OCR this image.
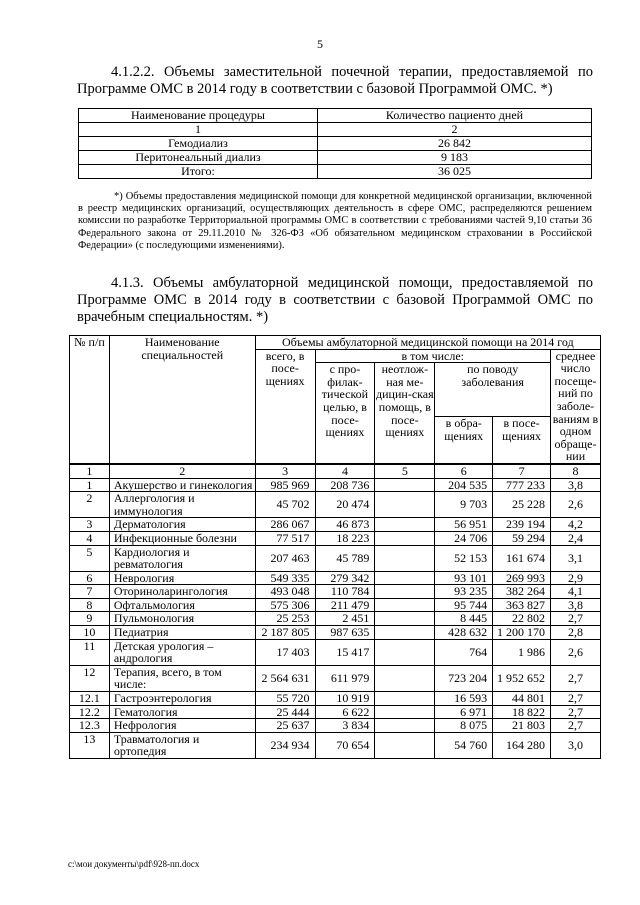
5
4.1.2.2. Объемы заместительной почечной терапии, предоставляемой по Программе ОМС в 2014 году в соответствии с базовой Программой ОМС. *)
Наименование процедуры	Количество пациенто дней
1	2
Гемодиализ	26 842
Перитонеальный диализ	9 183
Итого:	36 025
*) Объемы предоставления медицинской помощи для конкретной медицинской организации, включенной в реестр медицинских организаций, осуществляющих деятельность в сфере ОМС, распределяются решением комиссии по разработке Территориальной программы ОМС в соответствии с требованиями частей 9,10 статьи 36 Федерального закона от 29.11.2010 № 326-ФЗ «Об обязательном медицинском страховании в Российской Федерации» (с последующими изменениями).
4.1.3. Объемы амбулаторной медицинской помощи, предоставляемой по Программе ОМС в 2014 году в соответствии с базовой Программой ОМС по врачебным специальностям. *)
№ п/п	Наименование специальностей	Объемы амбулаторной медицинской помощи на 2014 год					
		всего, в посе-щениях	в том числе:				среднее число посеще-ний по заболе-ваниям в одном обраще-нии
			с про-филак-тической целью, в посе-щениях	неотлож-ная ме-дицин-ская помощь, в посе-щениях	по поводу заболевания		
					в обра-щениях	в посе-щениях	
1	2	3	4	5	6	7	8
1	Акушерство и гинекология	985 969	208 736		204 535	777 233	3,8
2	Аллергология и иммунология	45 702	20 474		9 703	25 228	2,6
3	Дерматология	286 067	46 873		56 951	239 194	4,2
4	Инфекционные болезни	77 517	18 223		24 706	59 294	2,4
5	Кардиология и ревматология	207 463	45 789		52 153	161 674	3,1
6	Неврология	549 335	279 342		93 101	269 993	2,9
7	Оториноларингология	493 048	110 784		93 235	382 264	4,1
8	Офтальмология	575 306	211 479		95 744	363 827	3,8
9	Пульмонология	25 253	2 451		8 445	22 802	2,7
10	Педиатрия	2 187 805	987 635		428 632	1 200 170	2,8
11	Детская урология – андрология	17 403	15 417		764	1 986	2,6
12	Терапия, всего, в том числе:	2 564 631	611 979		723 204	1 952 652	2,7
12.1	Гастроэнтерология	55 720	10 919		16 593	44 801	2,7
12.2	Гематология	25 444	6 622		6 971	18 822	2,7
12.3	Нефрология	25 637	3 834		8 075	21 803	2,7
13	Травматология и ортопедия	234 934	70 654		54 760	164 280	3,0
c:\мои документы\pdf\928-пп.docx
